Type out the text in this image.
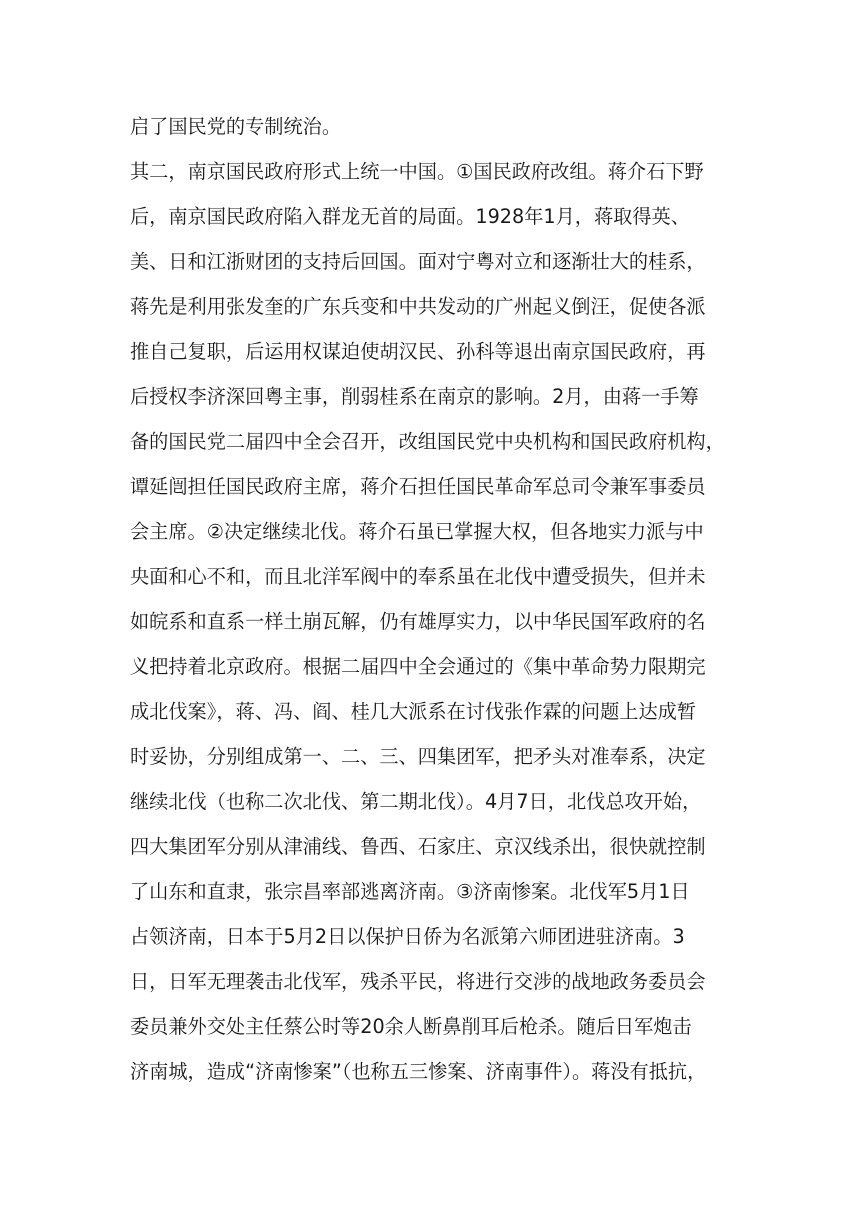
启了国民党的专制统治。
其二，南京国民政府形式上统一中国。①国民政府改组。蒋介石下野
后，南京国民政府陷入群龙无首的局面。1928年1月，蒋取得英、
美、日和江浙财团的支持后回国。面对宁粤对立和逐渐壮大的桂系，
蒋先是利用张发奎的广东兵变和中共发动的广州起义倒汪，促使各派
推自己复职，后运用权谋迫使胡汉民、孙科等退出南京国民政府，再
后授权李济深回粤主事，削弱桂系在南京的影响。2月，由蒋一手筹
备的国民党二届四中全会召开，改组国民党中央机构和国民政府机构，
谭延闿担任国民政府主席，蒋介石担任国民革命军总司令兼军事委员
会主席。②决定继续北伐。蒋介石虽已掌握大权，但各地实力派与中
央面和心不和，而且北洋军阀中的奉系虽在北伐中遭受损失，但并未
如皖系和直系一样土崩瓦解，仍有雄厚实力，以中华民国军政府的名
义把持着北京政府。根据二届四中全会通过的《集中革命势力限期完
成北伐案》，蒋、冯、阎、桂几大派系在讨伐张作霖的问题上达成暂
时妥协，分别组成第一、二、三、四集团军，把矛头对准奉系，决定
继续北伐（也称二次北伐、第二期北伐）。4月7日，北伐总攻开始，
四大集团军分别从津浦线、鲁西、石家庄、京汉线杀出，很快就控制
了山东和直隶，张宗昌率部逃离济南。③济南惨案。北伐军5月1日
占领济南，日本于5月2日以保护日侨为名派第六师团进驻济南。3
日，日军无理袭击北伐军，残杀平民，将进行交涉的战地政务委员会
委员兼外交处主任蔡公时等20余人断鼻削耳后枪杀。随后日军炮击
济南城，造成“济南惨案”（也称五三惨案、济南事件）。蒋没有抵抗，
